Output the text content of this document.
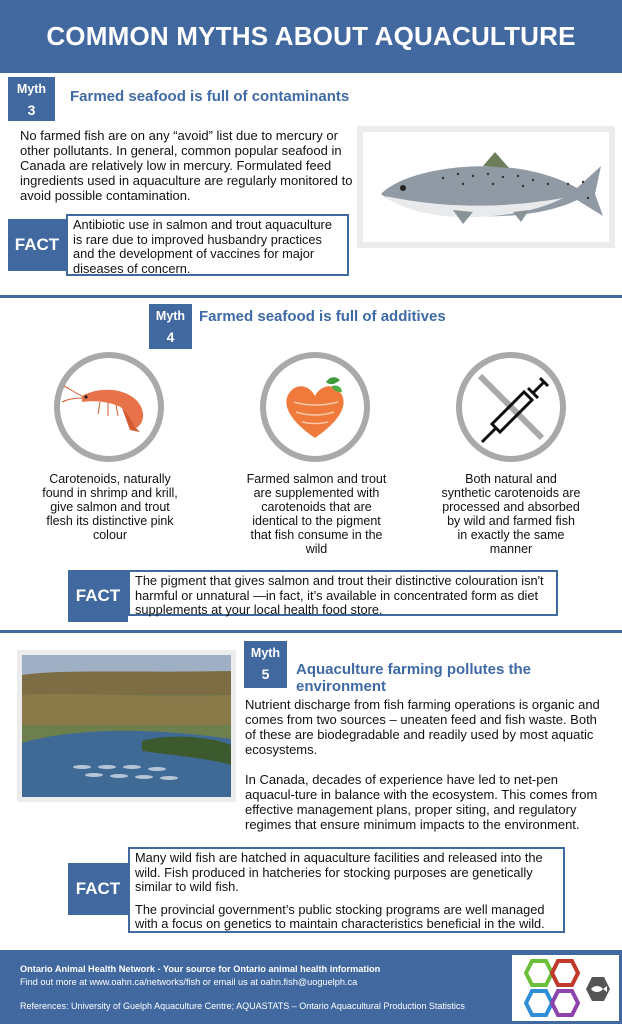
COMMON MYTHS ABOUT AQUACULTURE
Myth
3
Farmed seafood is full of contaminants
No farmed fish are on any “avoid” list due to mercury or other pollutants. In general, common popular seafood in Canada are relatively low in mercury. Formulated feed ingredients used in aquaculture are regularly monitored to avoid possible contamination.
FACT
Antibiotic use in salmon and trout aquaculture is rare due to improved husbandry practices and the development of vaccines for major diseases of concern.
Myth
4
Farmed seafood is full of additives
Carotenoids, naturally found in shrimp and krill, give salmon and trout flesh its distinctive pink colour
Farmed salmon and trout are supplemented with carotenoids that are identical to the pigment that fish consume in the wild
Both natural and synthetic carotenoids are processed and absorbed by wild and farmed fish in exactly the same manner
FACT
The pigment that gives salmon and trout their distinctive colouration isn't harmful or unnatural —in fact, it’s available in concentrated form as diet supplements at your local health food store.
Myth
5	Aquaculture farming pollutes the environment
Nutrient discharge from fish farming operations is organic and comes from two sources – uneaten feed and fish waste. Both of these are biodegradable and readily used by most aquatic ecosystems.
In Canada, decades of experience have led to net-pen aquacul-ture in balance with the ecosystem. This comes from effective management plans, proper siting, and regulatory regimes that ensure minimum impacts to the environment.
FACT
Many wild fish are hatched in aquaculture facilities and released into the wild. Fish produced in hatcheries for stocking purposes are genetically similar to wild fish.
The provincial government’s public stocking programs are well managed with a focus on genetics to maintain characteristics beneficial in the wild.
Ontario Animal Health Network - Your source for Ontario animal health information
Find out more at www.oahn.ca/networks/fish or email us at oahn.fish@uoguelph.ca
References: University of Guelph Aquaculture Centre; AQUASTATS – Ontario Aquacultural Production Statistics
